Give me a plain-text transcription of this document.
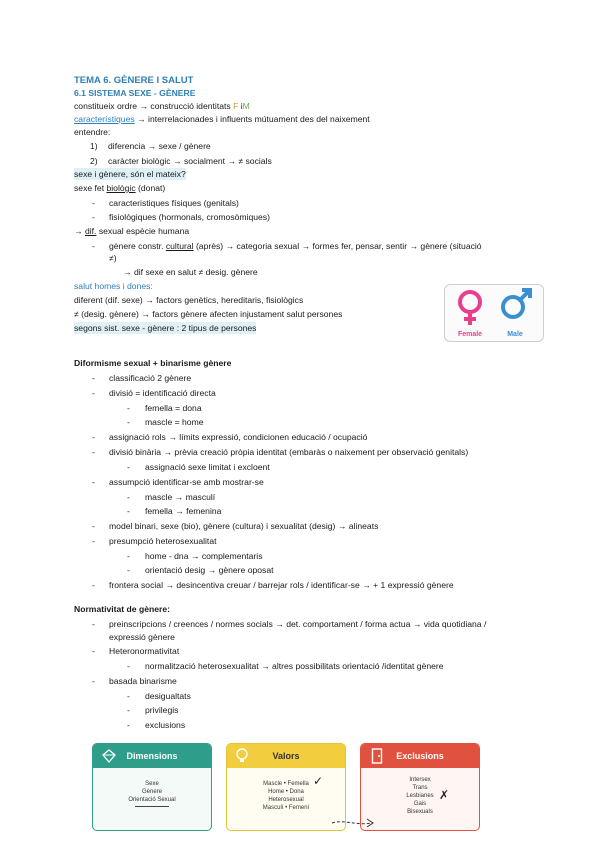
TEMA 6. GÈNERE I SALUT
6.1 SISTEMA SEXE - GÈNERE
constitueix ordre → construcció identitats F iM
característiques → interrelacionades i influents mútuament des del naixement
entendre:
1) diferencia → sexe / gènere
2) caràcter biològic → socialment → ≠ socials
sexe i gènere, són el mateix?
sexe fet biològic (donat)
- caracteristiques físiques (genitals)
- fisiològiques (hormonals, cromosòmiques)
→ dif. sexual espècie humana
- gènere constr. cultural (après) → categoria sexual → formes fer, pensar, sentir → gènere (situació
≠)
→ dif sexe en salut ≠ desig. gènere
salut homes i dones:
diferent (dif. sexe) → factors genètics, hereditaris, fisiològics
≠ (desig. gènere) → factors gènere afecten injustament salut persones
segons sist. sexe - gènere : 2 tipus de persones
Female	Male
Diformisme sexual + binarisme gènere
- classificació 2 gènere
- divisió = identificació directa
- femella = dona
- mascle = home
- assignació rols → límits expressió, condicionen educació / ocupació
- divisió binària → prèvia creació pròpia identitat (embaràs o naixement per observació genitals)
- assignació sexe limitat i excloent
- assumpció identificar-se amb mostrar-se
- mascle → masculí
- femella → femenina
- model binari, sexe (bio), gènere (cultura) i sexualitat (desig) → alineats
- presumpció heterosexualitat
- home - dna → complementaris
- orientació desig → gènere oposat
- frontera social → desincentiva creuar / barrejar rols / identificar-se → + 1 expressió gènere
Normativitat de gènere:
- preinscripcions / creences / normes socials → det. comportament / forma actua → vida quotidiana /
expressió gènere
- Heteronormativitat
- normalització heterosexualitat → altres possibilitats orientació /identitat gènere
- basada binarisme
- desigualtats
- privilegis
- exclusions
Dimensions
Sexe
Gènere
Orientació Sexual
Valors
Mascle • Femella
Home • Dona
Heterosexual
Masculí • Femení
✓
Exclusions
Intersex
Trans
Lesbianes
Gais
Bisexuals
✗
